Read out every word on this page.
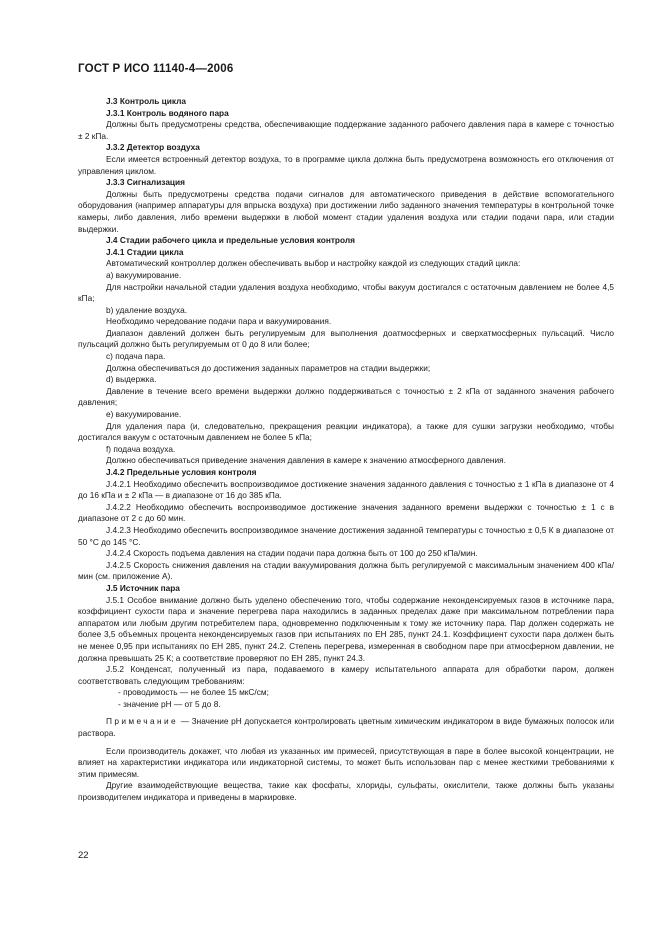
ГОСТ Р ИСО 11140-4—2006

J.3 Контроль цикла

J.3.1 Контроль водяного пара

Должны быть предусмотрены средства, обеспечивающие поддержание заданного рабочего давления пара в камере с точностью ± 2 кПа.

J.3.2 Детектор воздуха

Если имеется встроенный детектор воздуха, то в программе цикла должна быть предусмотрена возможность его отключения от управления циклом.

J.3.3 Сигнализация

Должны быть предусмотрены средства подачи сигналов для автоматического приведения в действие вспомогательного оборудования (например аппаратуры для впрыска воздуха) при достижении либо заданного значения температуры в контрольной точке камеры, либо давления, либо времени выдержки в любой момент стадии удаления воздуха или стадии подачи пара, или стадии выдержки.

J.4 Стадии рабочего цикла и предельные условия контроля

J.4.1 Стадии цикла

Автоматический контроллер должен обеспечивать выбор и настройку каждой из следующих стадий цикла:

a) вакуумирование.

Для настройки начальной стадии удаления воздуха необходимо, чтобы вакуум достигался с остаточным давлением не более 4,5 кПа;

b) удаление воздуха.

Необходимо чередование подачи пара и вакуумирования.

Диапазон давлений должен быть регулируемым для выполнения доатмосферных и сверхатмосферных пульсаций. Число пульсаций должно быть регулируемым от 0 до 8 или более;

c) подача пара.

Должна обеспечиваться до достижения заданных параметров на стадии выдержки;

d) выдержка.

Давление в течение всего времени выдержки должно поддерживаться с точностью ± 2 кПа от заданного значения рабочего давления;

e) вакуумирование.

Для удаления пара (и, следовательно, прекращения реакции индикатора), а также для сушки загрузки необходимо, чтобы достигался вакуум с остаточным давлением не более 5 кПа;

f) подача воздуха.

Должно обеспечиваться приведение значения давления в камере к значению атмосферного давления.

J.4.2 Предельные условия контроля

J.4.2.1 Необходимо обеспечить воспроизводимое достижение значения заданного давления с точностью ± 1 кПа в диапазоне от 4 до 16 кПа и ± 2 кПа — в диапазоне от 16 до 385 кПа.

J.4.2.2 Необходимо обеспечить воспроизводимое достижение значения заданного времени выдержки с точностью ± 1 с в диапазоне от 2 с до 60 мин.

J.4.2.3 Необходимо обеспечить воспроизводимое значение достижения заданной температуры с точностью ± 0,5 К в диапазоне от 50 °С до 145 °С.

J.4.2.4 Скорость подъема давления на стадии подачи пара должна быть от 100 до 250 кПа/мин.

J.4.2.5 Скорость снижения давления на стадии вакуумирования должна быть регулируемой с максимальным значением 400 кПа/мин (см. приложение А).

J.5 Источник пара

J.5.1 Особое внимание должно быть уделено обеспечению того, чтобы содержание неконденсируемых газов в источнике пара, коэффициент сухости пара и значение перегрева пара находились в заданных пределах даже при максимальном потреблении пара аппаратом или любым другим потребителем пара, одновременно подключенным к тому же источнику пара. Пар должен содержать не более 3,5 объемных процента неконденсируемых газов при испытаниях по ЕН 285, пункт 24.1. Коэффициент сухости пара должен быть не менее 0,95 при испытаниях по ЕН 285, пункт 24.2. Степень перегрева, измеренная в свободном паре при атмосферном давлении, не должна превышать 25 К; а соответствие проверяют по ЕН 285, пункт 24.3.

J.5.2 Конденсат, полученный из пара, подаваемого в камеру испытательного аппарата для обработки паром, должен соответствовать следующим требованиям:

- проводимость — не более 15 мкС/см;

- значение pH — от 5 до 8.

Примечание — Значение pH допускается контролировать цветным химическим индикатором в виде бумажных полосок или раствора.

Если производитель докажет, что любая из указанных им примесей, присутствующая в паре в более высокой концентрации, не влияет на характеристики индикатора или индикаторной системы, то может быть использован пар с менее жесткими требованиями к этим примесям.

Другие взаимодействующие вещества, такие как фосфаты, хлориды, сульфаты, окислители, также должны быть указаны производителем индикатора и приведены в маркировке.

22
